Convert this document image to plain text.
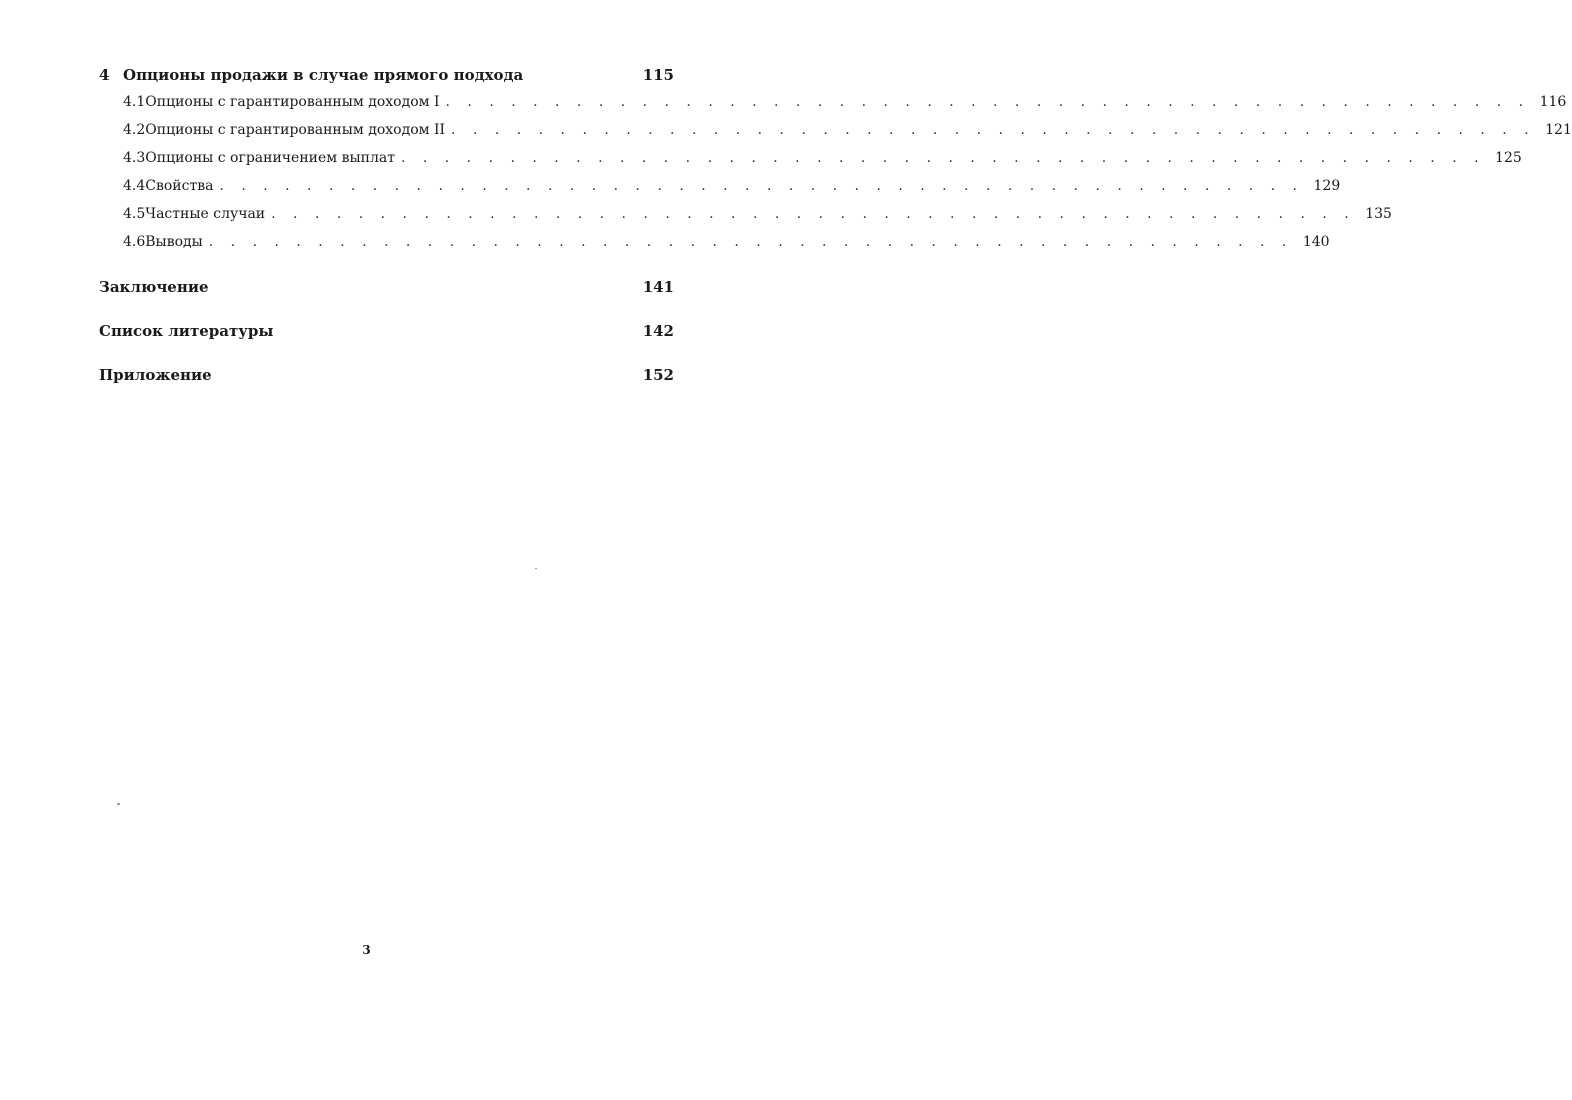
4 Опционы продажи в случае прямого подхода	115
4.1 Опционы с гарантированным доходом I . . . . . . . . . . . . . . . . . . . . . . . . . . . . . . . . . . . . . . . . . . . . . . . . . . 116
4.2 Опционы с гарантированным доходом II . . . . . . . . . . . . . . . . . . . . . . . . . . . . . . . . . . . . . . . . . . . . . . . . . . 121
4.3 Опционы с ограничением выплат . . . . . . . . . . . . . . . . . . . . . . . . . . . . . . . . . . . . . . . . . . . . . . . . . . 125
4.4 Свойства . . . . . . . . . . . . . . . . . . . . . . . . . . . . . . . . . . . . . . . . . . . . . . . . . . 129
4.5 Частные случаи . . . . . . . . . . . . . . . . . . . . . . . . . . . . . . . . . . . . . . . . . . . . . . . . . . 135
4.6 Выводы . . . . . . . . . . . . . . . . . . . . . . . . . . . . . . . . . . . . . . . . . . . . . . . . . . 140
Заключение	141
Список литературы	142
Приложение	152
3
